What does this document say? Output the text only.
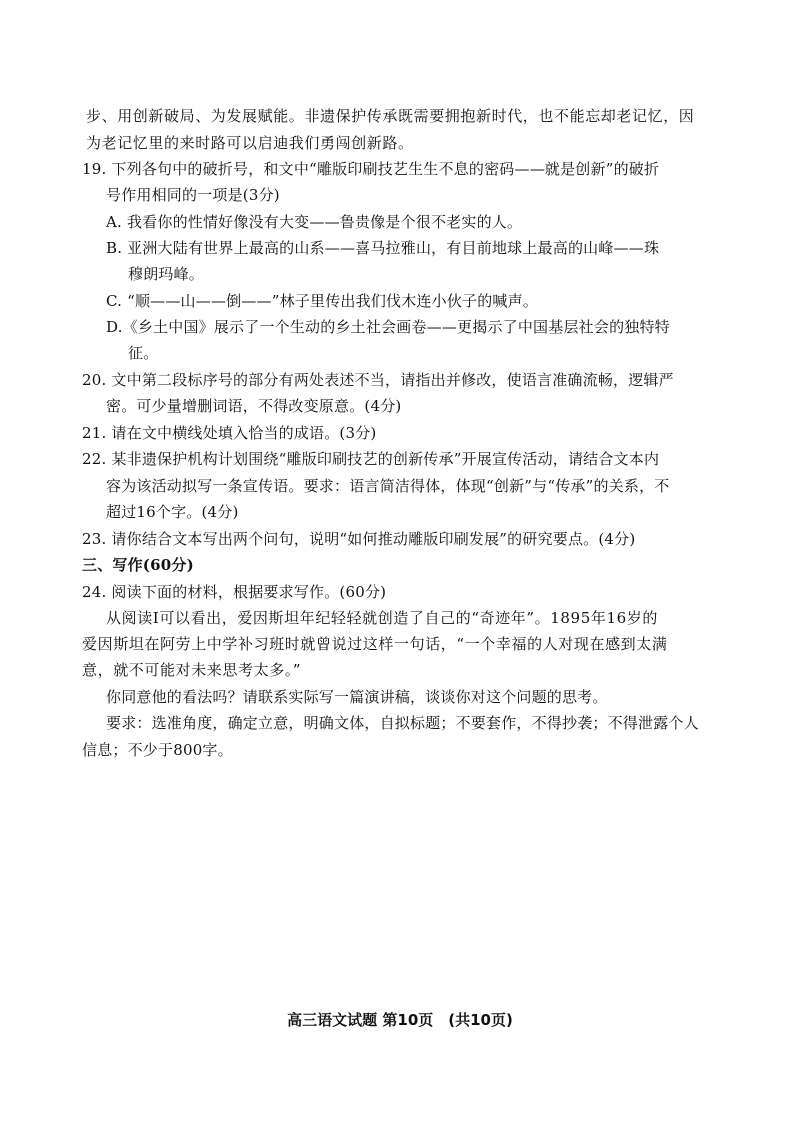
步、用创新破局、为发展赋能。非遗保护传承既需要拥抱新时代，也不能忘却老记忆，因
为老记忆里的来时路可以启迪我们勇闯创新路。
19. 下列各句中的破折号，和文中“雕版印刷技艺生生不息的密码——就是创新”的破折
号作用相同的一项是(3分)
A. 我看你的性情好像没有大变——鲁贵像是个很不老实的人。
B. 亚洲大陆有世界上最高的山系——喜马拉雅山，有目前地球上最高的山峰——珠
穆朗玛峰。
C. “顺——山——倒——”林子里传出我们伐木连小伙子的喊声。
D.《乡土中国》展示了一个生动的乡土社会画卷——更揭示了中国基层社会的独特特
征。
20. 文中第二段标序号的部分有两处表述不当，请指出并修改，使语言准确流畅，逻辑严
密。可少量增删词语，不得改变原意。(4分)
21. 请在文中横线处填入恰当的成语。(3分)
22. 某非遗保护机构计划围绕“雕版印刷技艺的创新传承”开展宣传活动，请结合文本内
容为该活动拟写一条宣传语。要求：语言简洁得体，体现“创新”与“传承”的关系，不
超过16个字。(4分)
23. 请你结合文本写出两个问句，说明“如何推动雕版印刷发展”的研究要点。(4分)
三、写作(60分)
24. 阅读下面的材料，根据要求写作。(60分)
从阅读Ⅰ可以看出，爱因斯坦年纪轻轻就创造了自己的“奇迹年”。1895年16岁的
爱因斯坦在阿劳上中学补习班时就曾说过这样一句话，“一个幸福的人对现在感到太满
意，就不可能对未来思考太多。”
你同意他的看法吗？请联系实际写一篇演讲稿，谈谈你对这个问题的思考。
要求：选准角度，确定立意，明确文体，自拟标题；不要套作，不得抄袭；不得泄露个人
信息；不少于800字。
高三语文试题 第10页　(共10页)
